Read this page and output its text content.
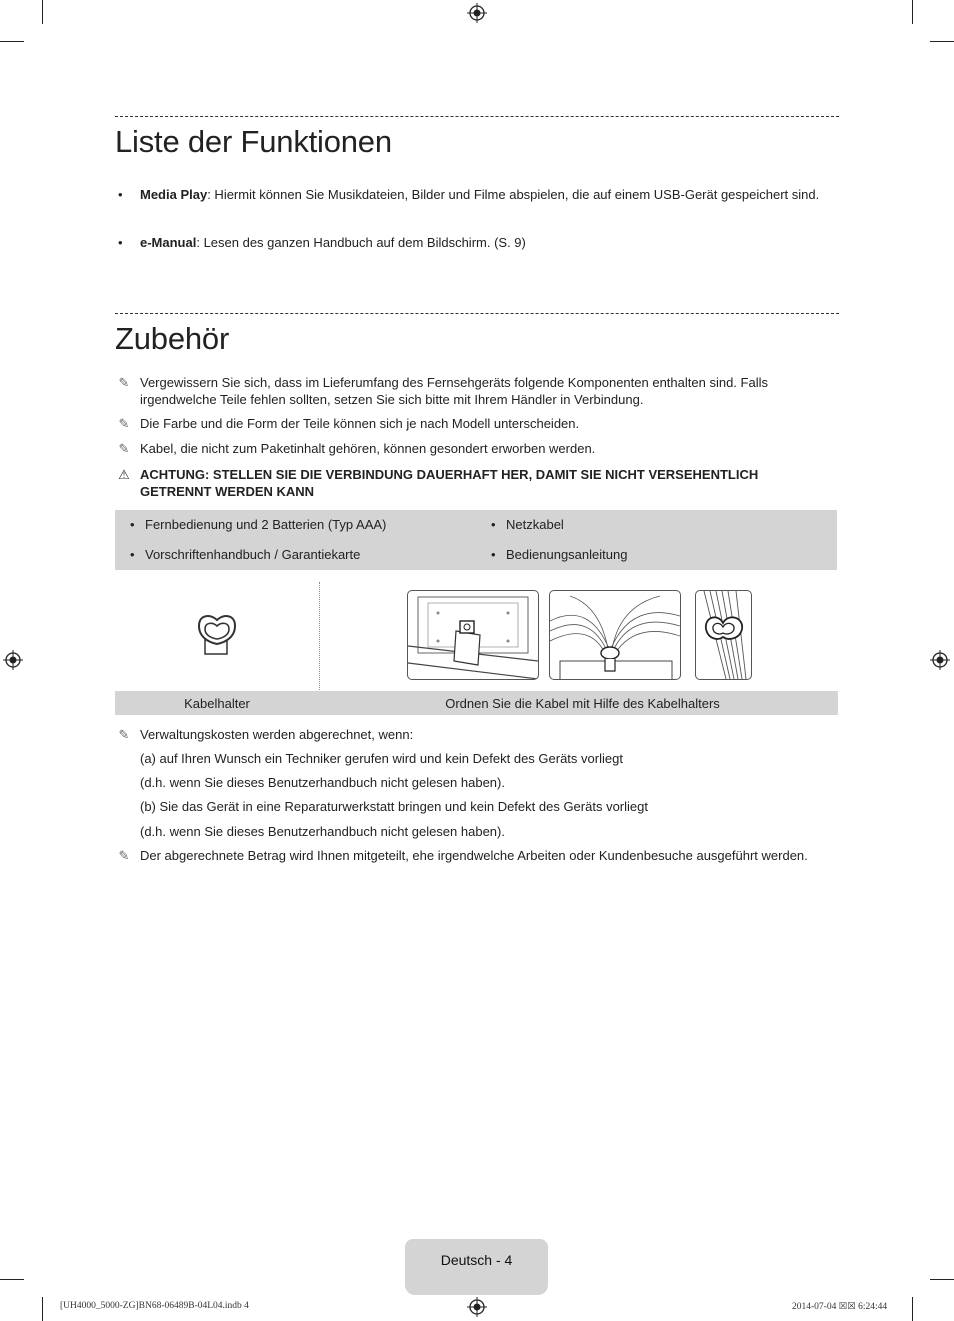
Liste der Funktionen
• Media Play: Hiermit können Sie Musikdateien, Bilder und Filme abspielen, die auf einem USB-Gerät gespeichert sind.
• e-Manual: Lesen des ganzen Handbuch auf dem Bildschirm. (S. 9)
Zubehör
✎ Vergewissern Sie sich, dass im Lieferumfang des Fernsehgeräts folgende Komponenten enthalten sind. Falls irgendwelche Teile fehlen sollten, setzen Sie sich bitte mit Ihrem Händler in Verbindung.
✎ Die Farbe und die Form der Teile können sich je nach Modell unterscheiden.
✎ Kabel, die nicht zum Paketinhalt gehören, können gesondert erworben werden.
⚠ ACHTUNG: STELLEN SIE DIE VERBINDUNG DAUERHAFT HER, DAMIT SIE NICHT VERSEHENTLICH GETRENNT WERDEN KANN
• Fernbedienung und 2 Batterien (Typ AAA)	• Netzkabel
• Vorschriftenhandbuch / Garantiekarte	• Bedienungsanleitung
Kabelhalter	Ordnen Sie die Kabel mit Hilfe des Kabelhalters
✎ Verwaltungskosten werden abgerechnet, wenn:
(a) auf Ihren Wunsch ein Techniker gerufen wird und kein Defekt des Geräts vorliegt
(d.h. wenn Sie dieses Benutzerhandbuch nicht gelesen haben).
(b) Sie das Gerät in eine Reparaturwerkstatt bringen und kein Defekt des Geräts vorliegt
(d.h. wenn Sie dieses Benutzerhandbuch nicht gelesen haben).
✎ Der abgerechnete Betrag wird Ihnen mitgeteilt, ehe irgendwelche Arbeiten oder Kundenbesuche ausgeführt werden.
Deutsch - 4
[UH4000_5000-ZG]BN68-06489B-04L04.indb 4	2014-07-04 ☒☒ 6:24:44
